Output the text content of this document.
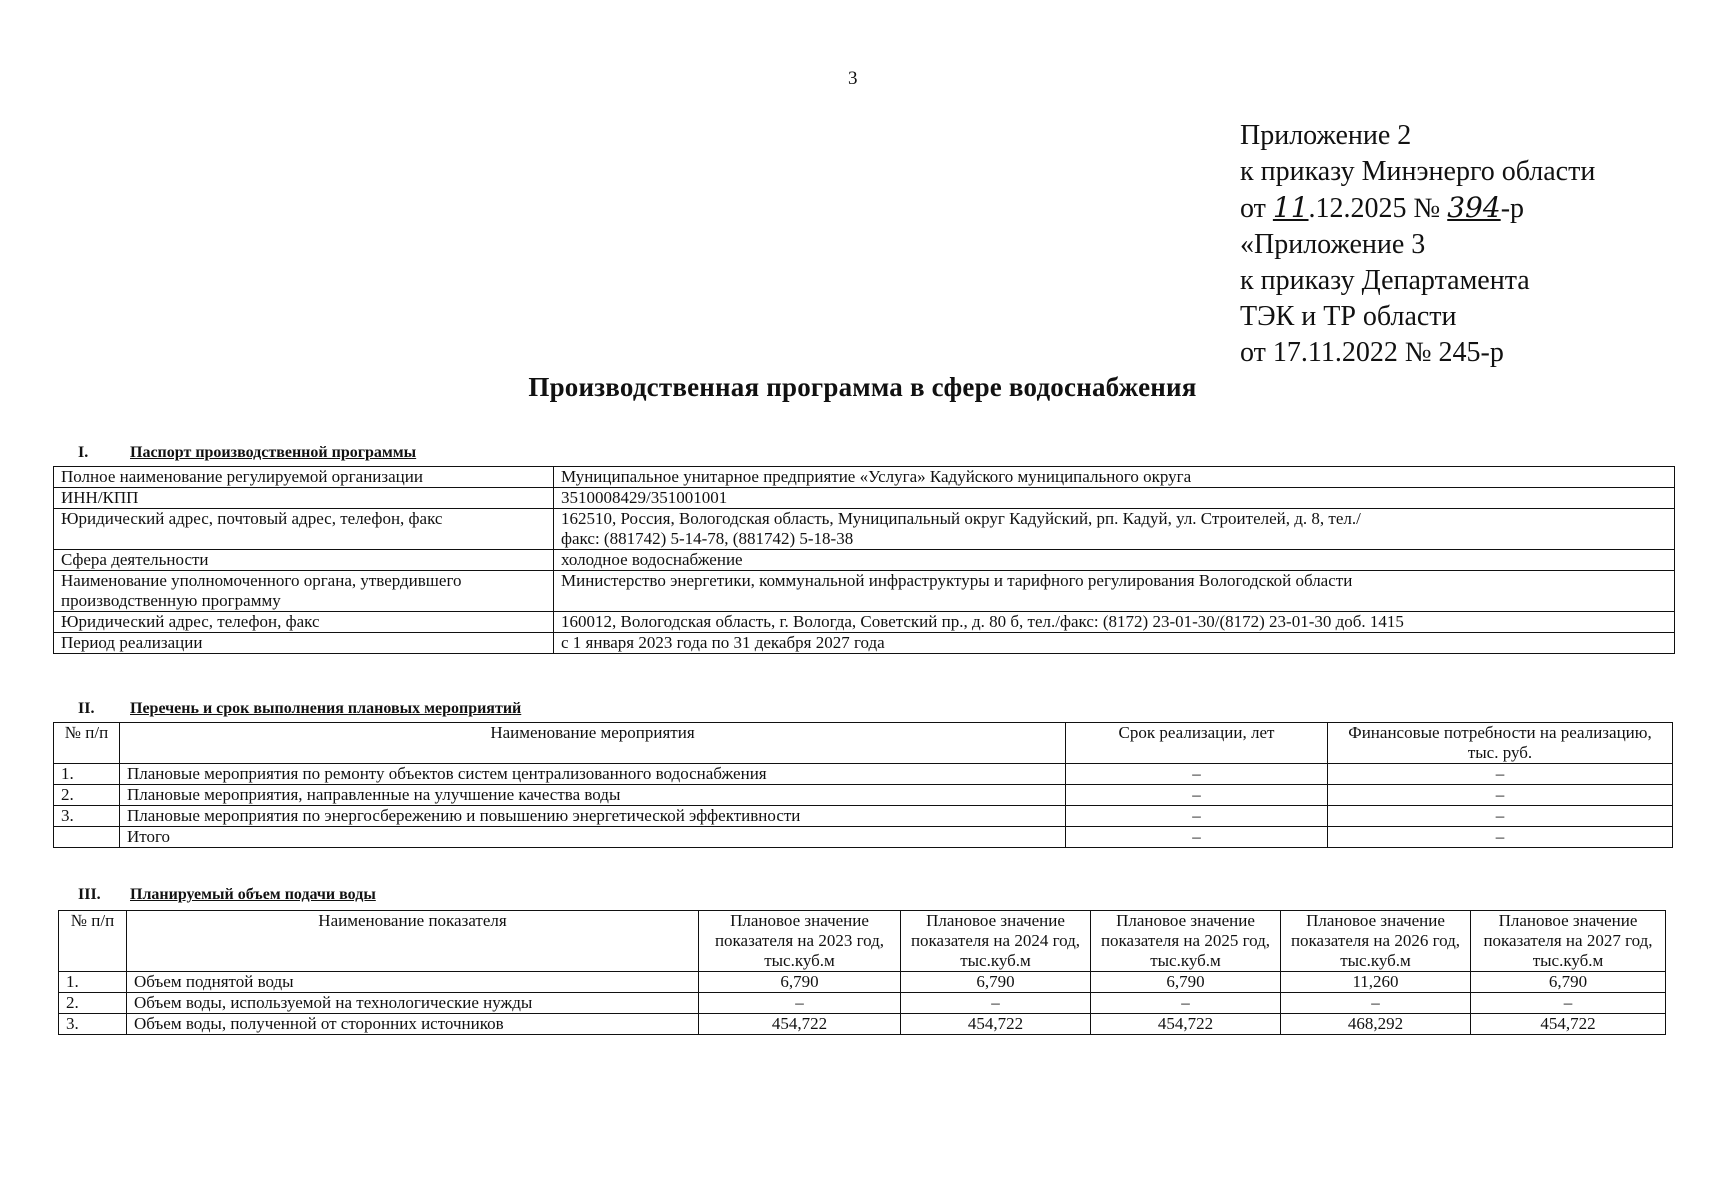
3
Приложение 2
к приказу Минэнерго области
от 11.12.2025 № 394-р
«Приложение 3
к приказу Департамента
ТЭК и ТР области
от 17.11.2022 № 245-р
Производственная программа в сфере водоснабжения
I.	Паспорт производственной программы
Полное наименование регулируемой организации	Муниципальное унитарное предприятие «Услуга» Кадуйского муниципального округа
ИНН/КПП	3510008429/351001001
Юридический адрес, почтовый адрес, телефон, факс	162510, Россия, Вологодская область, Муниципальный округ Кадуйский, рп. Кадуй, ул. Строителей, д. 8, тел./факс: (881742) 5-14-78, (881742) 5-18-38
Сфера деятельности	холодное водоснабжение
Наименование уполномоченного органа, утвердившего производственную программу	Министерство энергетики, коммунальной инфраструктуры и тарифного регулирования Вологодской области
Юридический адрес, телефон, факс	160012, Вологодская область, г. Вологда, Советский пр., д. 80 б, тел./факс: (8172) 23-01-30/(8172) 23-01-30 доб. 1415
Период реализации	с 1 января 2023 года по 31 декабря 2027 года
II. Перечень и срок выполнения плановых мероприятий
№ п/п	Наименование мероприятия	Срок реализации, лет	Финансовые потребности на реализацию, тыс. руб.
1.	Плановые мероприятия по ремонту объектов систем централизованного водоснабжения	–	–
2.	Плановые мероприятия, направленные на улучшение качества воды	–	–
3.	Плановые мероприятия по энергосбережению и повышению энергетической эффективности	–	–
	Итого	–	–
III. Планируемый объем подачи воды
№ п/п	Наименование показателя	Плановое значение показателя на 2023 год, тыс.куб.м	Плановое значение показателя на 2024 год, тыс.куб.м	Плановое значение показателя на 2025 год, тыс.куб.м	Плановое значение показателя на 2026 год, тыс.куб.м	Плановое значение показателя на 2027 год, тыс.куб.м
1.	Объем поднятой воды	6,790	6,790	6,790	11,260	6,790
2.	Объем воды, используемой на технологические нужды	–	–	–	–	–
3.	Объем воды, полученной от сторонних источников	454,722	454,722	454,722	468,292	454,722
